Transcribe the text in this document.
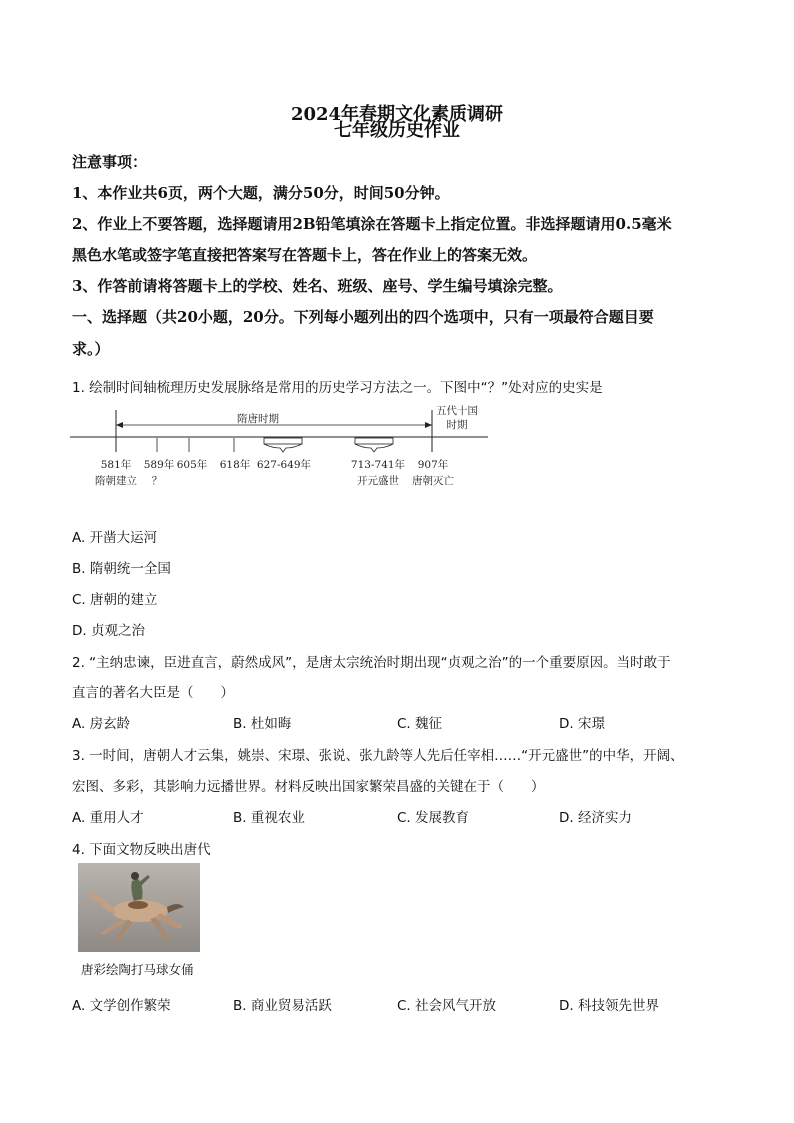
2024年春期文化素质调研
七年级历史作业
注意事项：
1、本作业共6页，两个大题，满分50分，时间50分钟。
2、作业上不要答题，选择题请用2B铅笔填涂在答题卡上指定位置。非选择题请用0.5毫米
黑色水笔或签字笔直接把答案写在答题卡上，答在作业上的答案无效。
3、作答前请将答题卡上的学校、姓名、班级、座号、学生编号填涂完整。
一、选择题（共20小题，20分。下列每小题列出的四个选项中，只有一项最符合题目要
求。）
1. 绘制时间轴梳理历史发展脉络是常用的历史学习方法之一。下图中“？”处对应的史实是
隋唐时期
五代十国
时期
581年 589年 605年 618年 627-649年	713-741年 907年
隋朝建立 ？	开元盛世 唐朝灭亡
A. 开凿大运河
B. 隋朝统一全国
C. 唐朝的建立
D. 贞观之治
2. “主纳忠谏，臣进直言，蔚然成风”，是唐太宗统治时期出现“贞观之治”的一个重要原因。当时敢于
直言的著名大臣是（　　）
A. 房玄龄	B. 杜如晦	C. 魏征	D. 宋璟
3. 一时间，唐朝人才云集，姚崇、宋璟、张说、张九龄等人先后任宰相……“开元盛世”的中华，开阔、
宏图、多彩，其影响力远播世界。材料反映出国家繁荣昌盛的关键在于（　　）
A. 重用人才	B. 重视农业	C. 发展教育	D. 经济实力
4. 下面文物反映出唐代
唐彩绘陶打马球女俑
A. 文学创作繁荣	B. 商业贸易活跃	C. 社会风气开放	D. 科技领先世界
